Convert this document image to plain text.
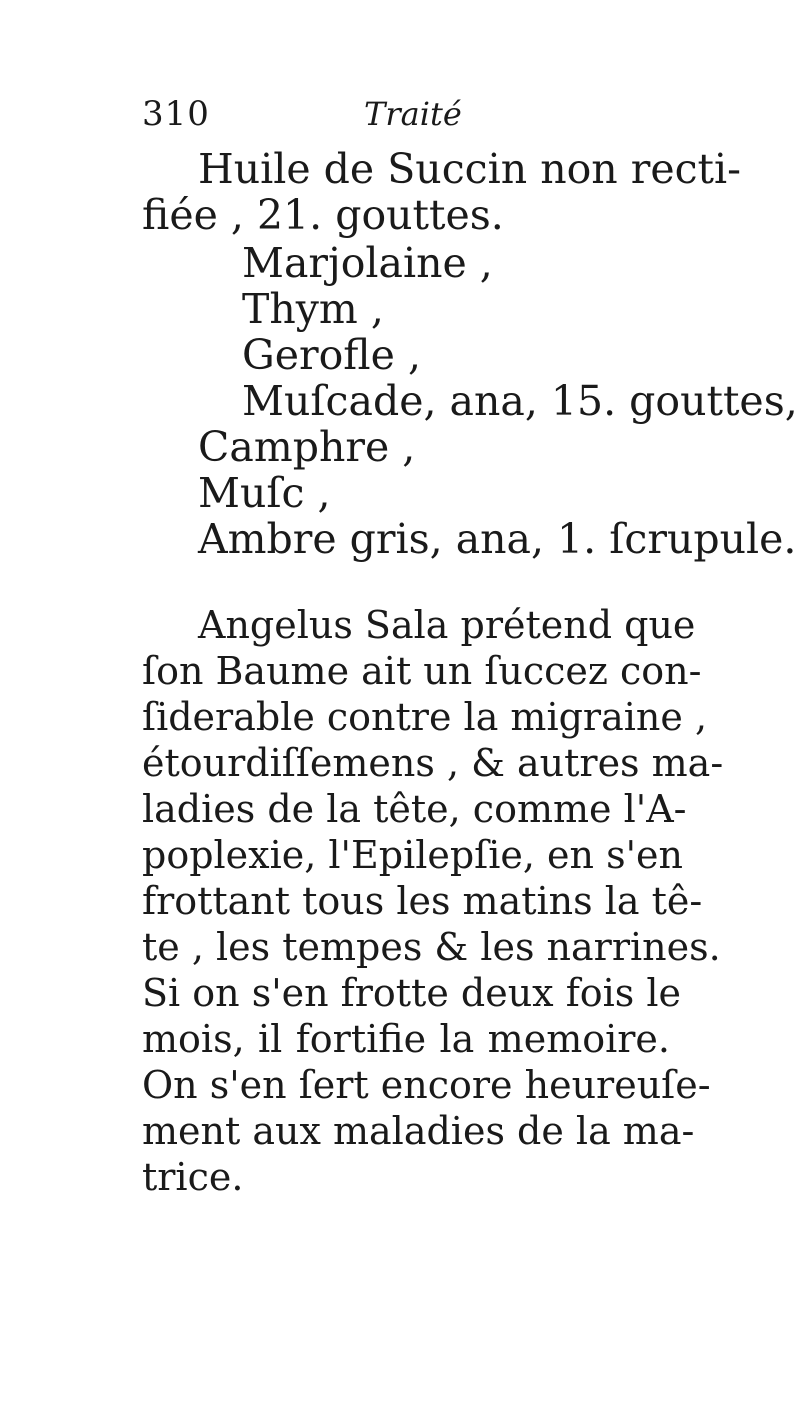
310	Traité
Huile de Succin non recti-
fiée , 21. gouttes.
Marjolaine ,
Thym ,
Gerofle ,
Muſcade, ana, 15. gouttes,
Camphre ,
Muſc ,
Ambre gris, ana, 1. ſcrupule.
Angelus Sala prétend que
ſon Baume ait un ſuccez con-
ſiderable contre la migraine ,
étourdiſſemens , & autres ma-
ladies de la tête, comme l'A-
poplexie, l'Epilepſie, en s'en
frottant tous les matins la tê-
te , les tempes & les narrines.
Si on s'en frotte deux fois le
mois, il fortifie la memoire.
On s'en ſert encore heureuſe-
ment aux maladies de la ma-
trice.
